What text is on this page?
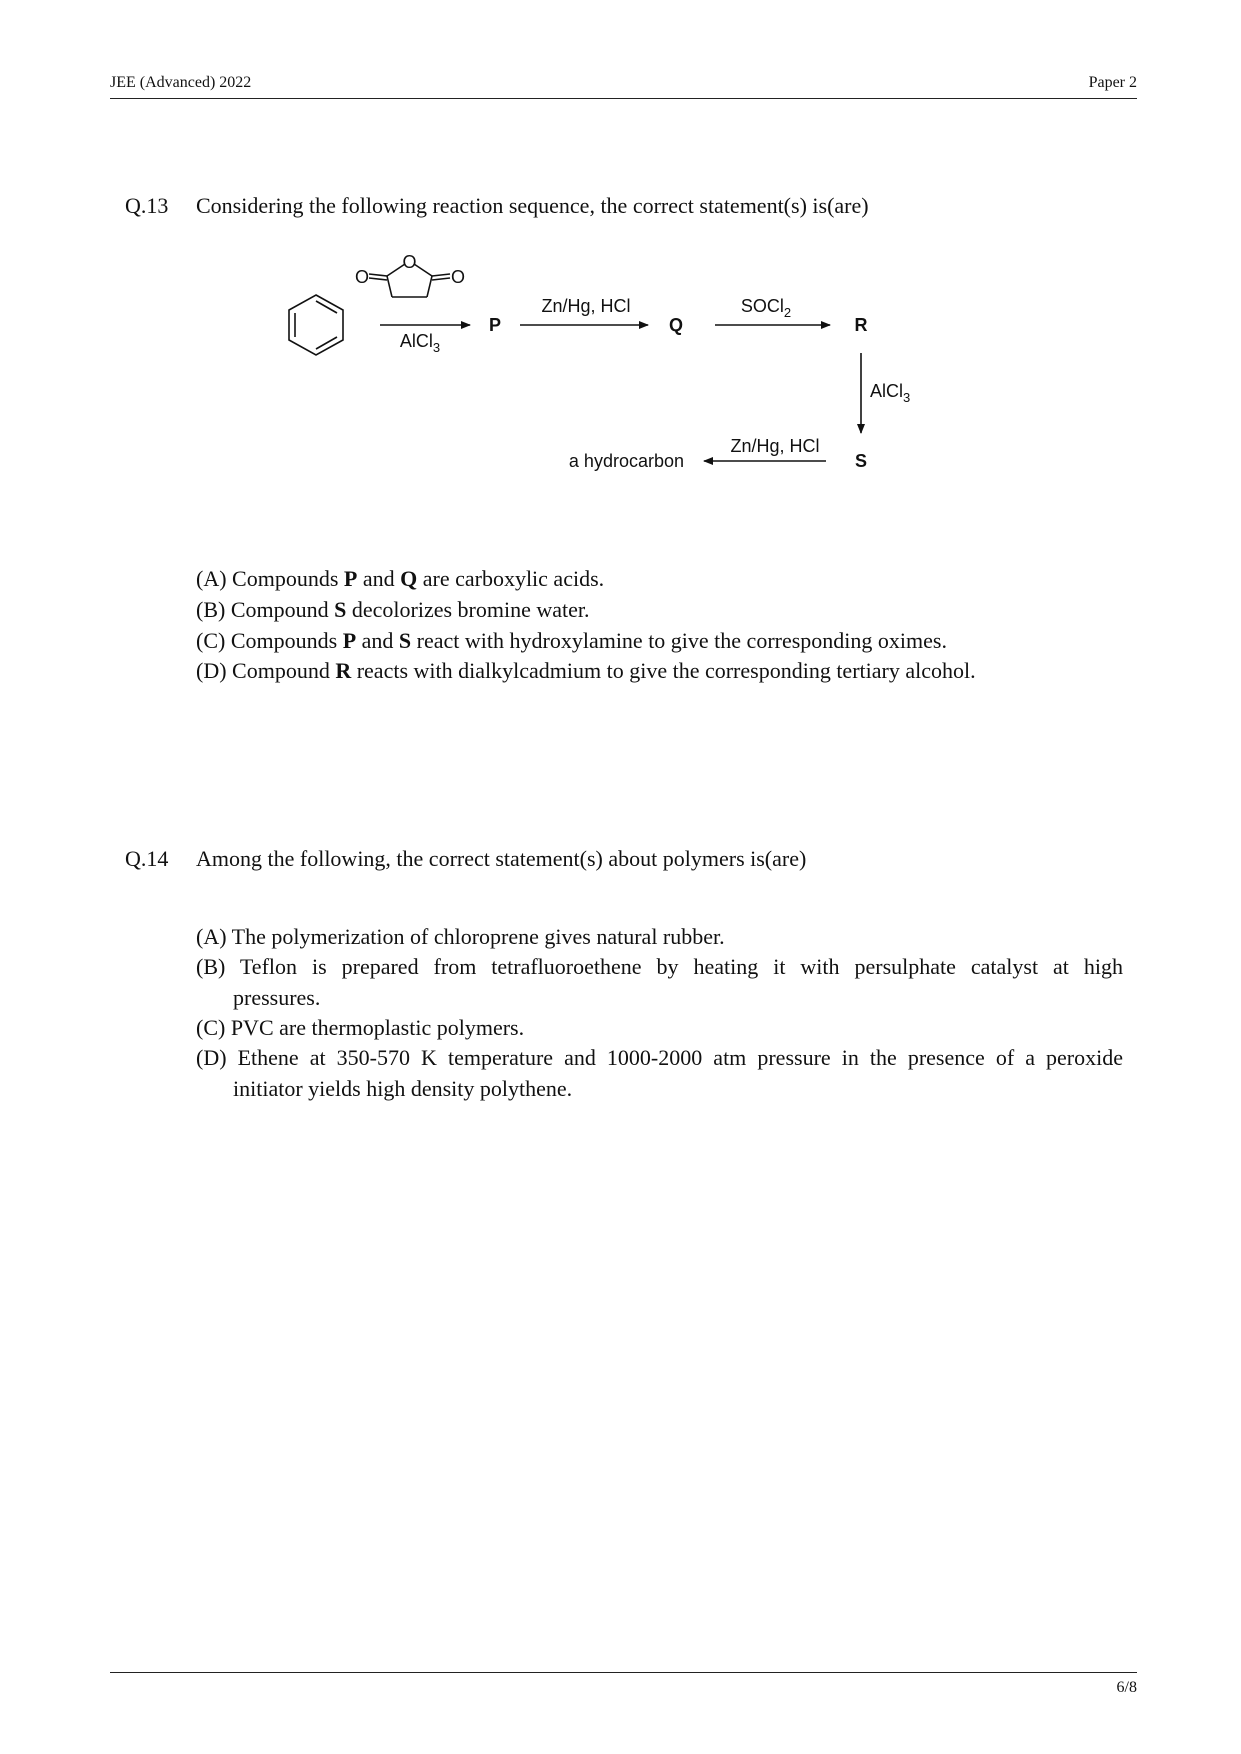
JEE (Advanced) 2022	Paper 2
Q.13 Considering the following reaction sequence, the correct statement(s) is(are)
O
O	O
AlCl$_3$
P
Zn/Hg, HCl
Q
SOCl$_2$
R
AlCl$_3$
S
Zn/Hg, HCl
a hydrocarbon
(A) Compounds P and Q are carboxylic acids.
(B) Compound S decolorizes bromine water.
(C) Compounds P and S react with hydroxylamine to give the corresponding oximes.
(D) Compound R reacts with dialkylcadmium to give the corresponding tertiary alcohol.
Q.14 Among the following, the correct statement(s) about polymers is(are)
(A) The polymerization of chloroprene gives natural rubber.
(B) Teflon is prepared from tetrafluoroethene by heating it with persulphate catalyst at high
pressures.
(C) PVC are thermoplastic polymers.
(D) Ethene at 350-570 K temperature and 1000-2000 atm pressure in the presence of a peroxide
initiator yields high density polythene.
6/8
